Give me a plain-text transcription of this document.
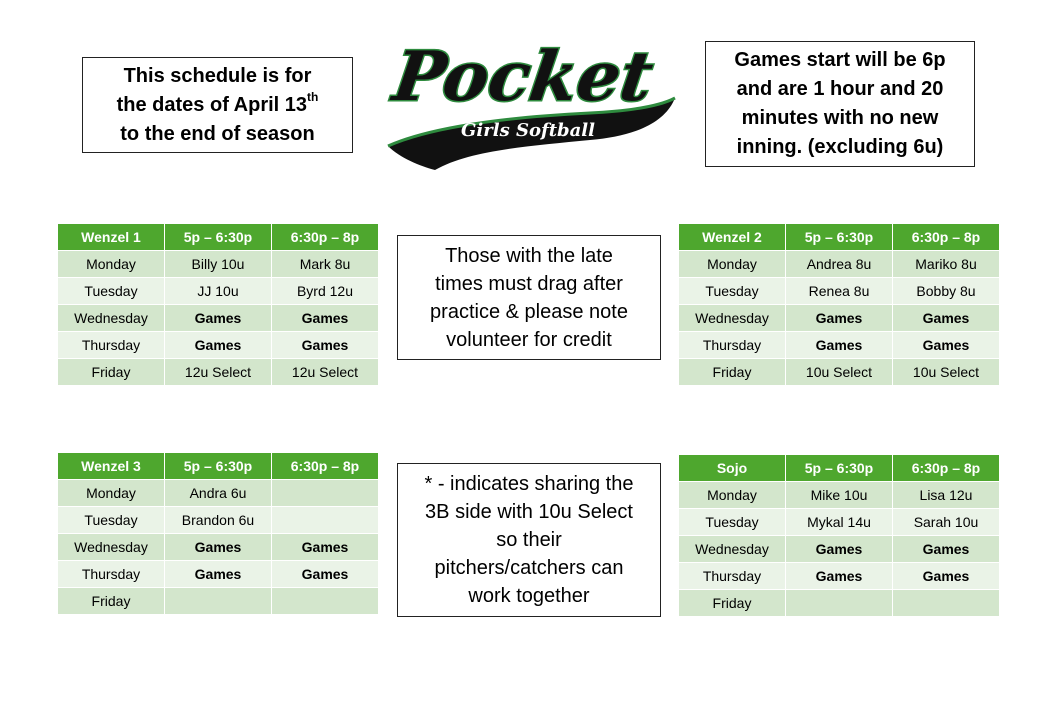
Pocket
Girls Softball
This schedule is for
the dates of April 13th
to the end of season
Games start will be 6p
and are 1 hour and 20
minutes with no new
inning. (excluding 6u)
Those with the late
times must drag after
practice & please note
volunteer for credit
* - indicates sharing the
3B side with 10u Select
so their
pitchers/catchers can
work together
Wenzel 1	5p – 6:30p	6:30p – 8p
Monday	Billy 10u	Mark 8u
Tuesday	JJ 10u	Byrd 12u
Wednesday	Games	Games
Thursday	Games	Games
Friday	12u Select	12u Select
Wenzel 2	5p – 6:30p	6:30p – 8p
Monday	Andrea 8u	Mariko 8u
Tuesday	Renea 8u	Bobby 8u
Wednesday	Games	Games
Thursday	Games	Games
Friday	10u Select	10u Select
Wenzel 3	5p – 6:30p	6:30p – 8p
Monday	Andra 6u	
Tuesday	Brandon 6u	
Wednesday	Games	Games
Thursday	Games	Games
Friday		
Sojo	5p – 6:30p	6:30p – 8p
Monday	Mike 10u	Lisa 12u
Tuesday	Mykal 14u	Sarah 10u
Wednesday	Games	Games
Thursday	Games	Games
Friday		
